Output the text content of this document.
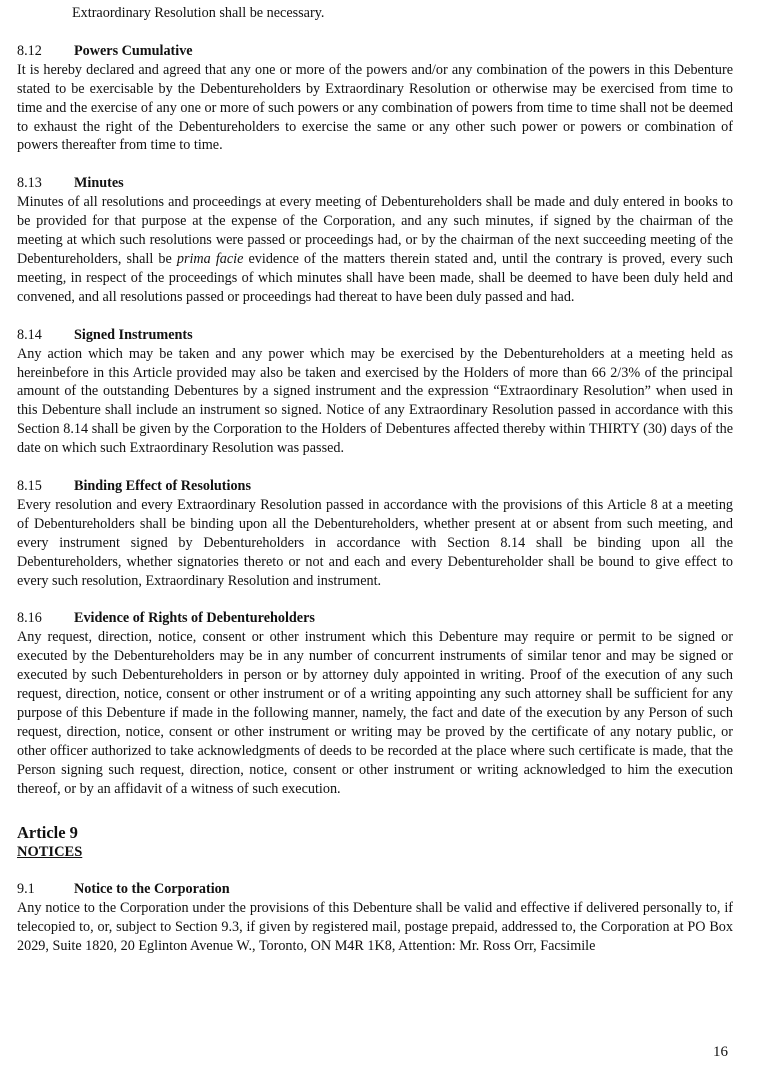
Extraordinary Resolution shall be necessary.

8.12 Powers Cumulative

It is hereby declared and agreed that any one or more of the powers and/or any combination of the powers in this Debenture stated to be exercisable by the Debentureholders by Extraordinary Resolution or otherwise may be exercised from time to time and the exercise of any one or more of such powers or any combination of powers from time to time shall not be deemed to exhaust the right of the Debentureholders to exercise the same or any other such power or powers or combination of powers thereafter from time to time.

8.13 Minutes

Minutes of all resolutions and proceedings at every meeting of Debentureholders shall be made and duly entered in books to be provided for that purpose at the expense of the Corporation, and any such minutes, if signed by the chairman of the meeting at which such resolutions were passed or proceedings had, or by the chairman of the next succeeding meeting of the Debentureholders, shall be prima facie evidence of the matters therein stated and, until the contrary is proved, every such meeting, in respect of the proceedings of which minutes shall have been made, shall be deemed to have been duly held and convened, and all resolutions passed or proceedings had thereat to have been duly passed and had.

8.14 Signed Instruments

Any action which may be taken and any power which may be exercised by the Debentureholders at a meeting held as hereinbefore in this Article provided may also be taken and exercised by the Holders of more than 66 2/3% of the principal amount of the outstanding Debentures by a signed instrument and the expression “Extraordinary Resolution” when used in this Debenture shall include an instrument so signed. Notice of any Extraordinary Resolution passed in accordance with this Section 8.14 shall be given by the Corporation to the Holders of Debentures affected thereby within THIRTY (30) days of the date on which such Extraordinary Resolution was passed.

8.15 Binding Effect of Resolutions

Every resolution and every Extraordinary Resolution passed in accordance with the provisions of this Article 8 at a meeting of Debentureholders shall be binding upon all the Debentureholders, whether present at or absent from such meeting, and every instrument signed by Debentureholders in accordance with Section 8.14 shall be binding upon all the Debentureholders, whether signatories thereto or not and each and every Debentureholder shall be bound to give effect to every such resolution, Extraordinary Resolution and instrument.

8.16 Evidence of Rights of Debentureholders

Any request, direction, notice, consent or other instrument which this Debenture may require or permit to be signed or executed by the Debentureholders may be in any number of concurrent instruments of similar tenor and may be signed or executed by such Debentureholders in person or by attorney duly appointed in writing. Proof of the execution of any such request, direction, notice, consent or other instrument or of a writing appointing any such attorney shall be sufficient for any purpose of this Debenture if made in the following manner, namely, the fact and date of the execution by any Person of such request, direction, notice, consent or other instrument or writing may be proved by the certificate of any notary public, or other officer authorized to take acknowledgments of deeds to be recorded at the place where such certificate is made, that the Person signing such request, direction, notice, consent or other instrument or writing acknowledged to him the execution thereof, or by an affidavit of a witness of such execution.

Article 9
NOTICES
9.1	Notice to the Corporation

Any notice to the Corporation under the provisions of this Debenture shall be valid and effective if delivered personally to, if telecopied to, or, subject to Section 9.3, if given by registered mail, postage prepaid, addressed to, the Corporation at PO Box 2029, Suite 1820, 20 Eglinton Avenue W., Toronto, ON M4R 1K8, Attention: Mr. Ross Orr, Facsimile

16
